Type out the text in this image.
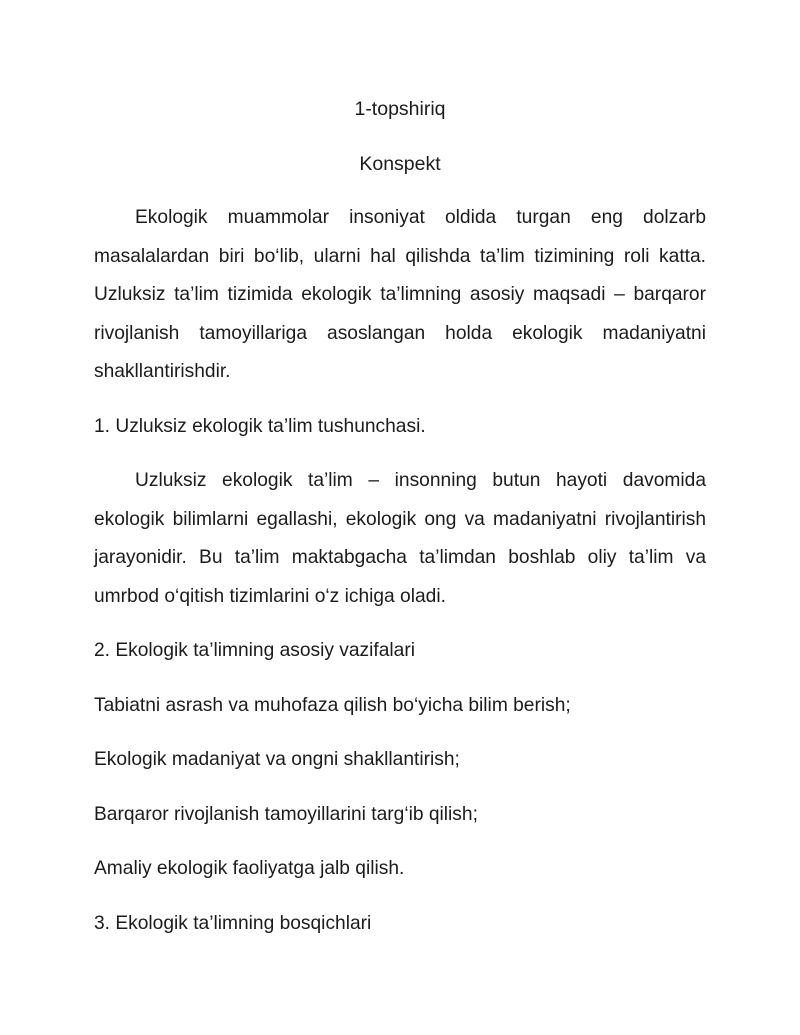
1-topshiriq
Konspekt

Ekologik muammolar insoniyat oldida turgan eng dolzarb masalalardan biri bo‘lib, ularni hal qilishda ta’lim tizimining roli katta. Uzluksiz ta’lim tizimida ekologik ta’limning asosiy maqsadi – barqaror rivojlanish tamoyillariga asoslangan holda ekologik madaniyatni shakllantirishdir.

1. Uzluksiz ekologik ta’lim tushunchasi.

Uzluksiz ekologik ta’lim – insonning butun hayoti davomida ekologik bilimlarni egallashi, ekologik ong va madaniyatni rivojlantirish jarayonidir. Bu ta’lim maktabgacha ta’limdan boshlab oliy ta’lim va umrbod o‘qitish tizimlarini o‘z ichiga oladi.

2. Ekologik ta’limning asosiy vazifalari
Tabiatni asrash va muhofaza qilish bo‘yicha bilim berish;
Ekologik madaniyat va ongni shakllantirish;
Barqaror rivojlanish tamoyillarini targ‘ib qilish;
Amaliy ekologik faoliyatga jalb qilish.
3. Ekologik ta’limning bosqichlari
